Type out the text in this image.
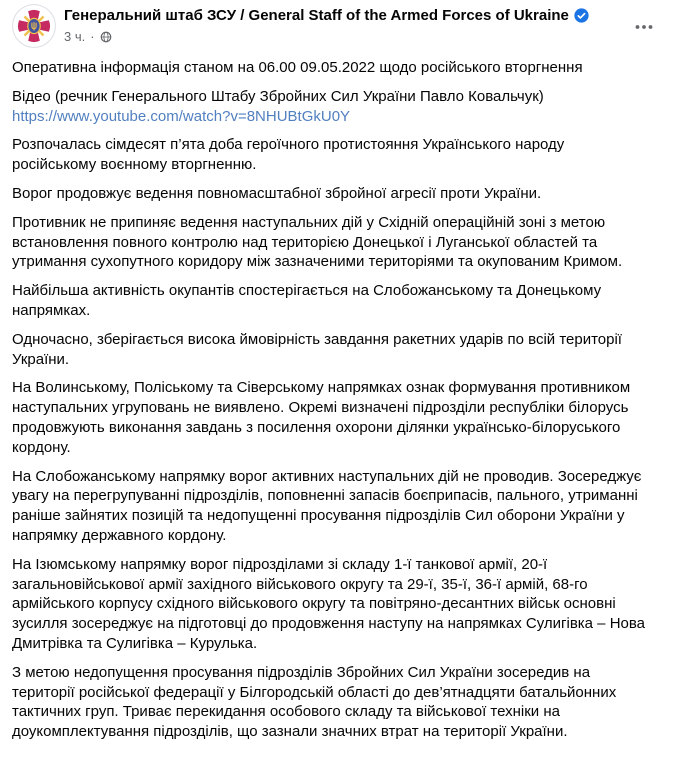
Генеральний штаб ЗСУ / General Staff of the Armed Forces of Ukraine
3 ч. ·

Оперативна інформація станом на 06.00 09.05.2022 щодо російського вторгнення

Відео (речник Генерального Штабу Збройних Сил України Павло Ковальчук)
https://www.youtube.com/watch?v=8NHUBtGkU0Y

Розпочалась сімдесят п’ята доба героїчного протистояння Українського народу російському воєнному вторгненню.

Ворог продовжує ведення повномасштабної збройної агресії проти України.

Противник не припиняє ведення наступальних дій у Східній операційній зоні з метою встановлення повного контролю над територією Донецької і Луганської областей та утримання сухопутного коридору між зазначеними територіями та окупованим Кримом.

Найбільша активність окупантів спостерігається на Слобожанському та Донецькому напрямках.

Одночасно, зберігається висока ймовірність завдання ракетних ударів по всій території України.

На Волинському, Поліському та Сіверському напрямках ознак формування противником наступальних угруповань не виявлено. Окремі визначені підрозділи республіки білорусь продовжують виконання завдань з посилення охорони ділянки українсько-білоруського кордону.

На Слобожанському напрямку ворог активних наступальних дій не проводив. Зосереджує увагу на перегрупуванні підрозділів, поповненні запасів боєприпасів, пального, утриманні раніше зайнятих позицій та недопущенні просування підрозділів Сил оборони України у напрямку державного кордону.

На Ізюмському напрямку ворог підрозділами зі складу 1-ї танкової армії, 20-ї загальновійськової армії західного військового округу та 29-ї, 35-ї, 36-ї армій, 68-го армійського корпусу східного військового округу та повітряно-десантних військ основні зусилля зосереджує на підготовці до продовження наступу на напрямках Сулигівка – Нова Дмитрівка та Сулигівка – Курулька.

З метою недопущення просування підрозділів Збройних Сил України зосередив на території російської федерації у Білгородській області до дев’ятнадцяти батальйонних тактичних груп. Триває перекидання особового складу та військової техніки на доукомплектування підрозділів, що зазнали значних втрат на території України.
